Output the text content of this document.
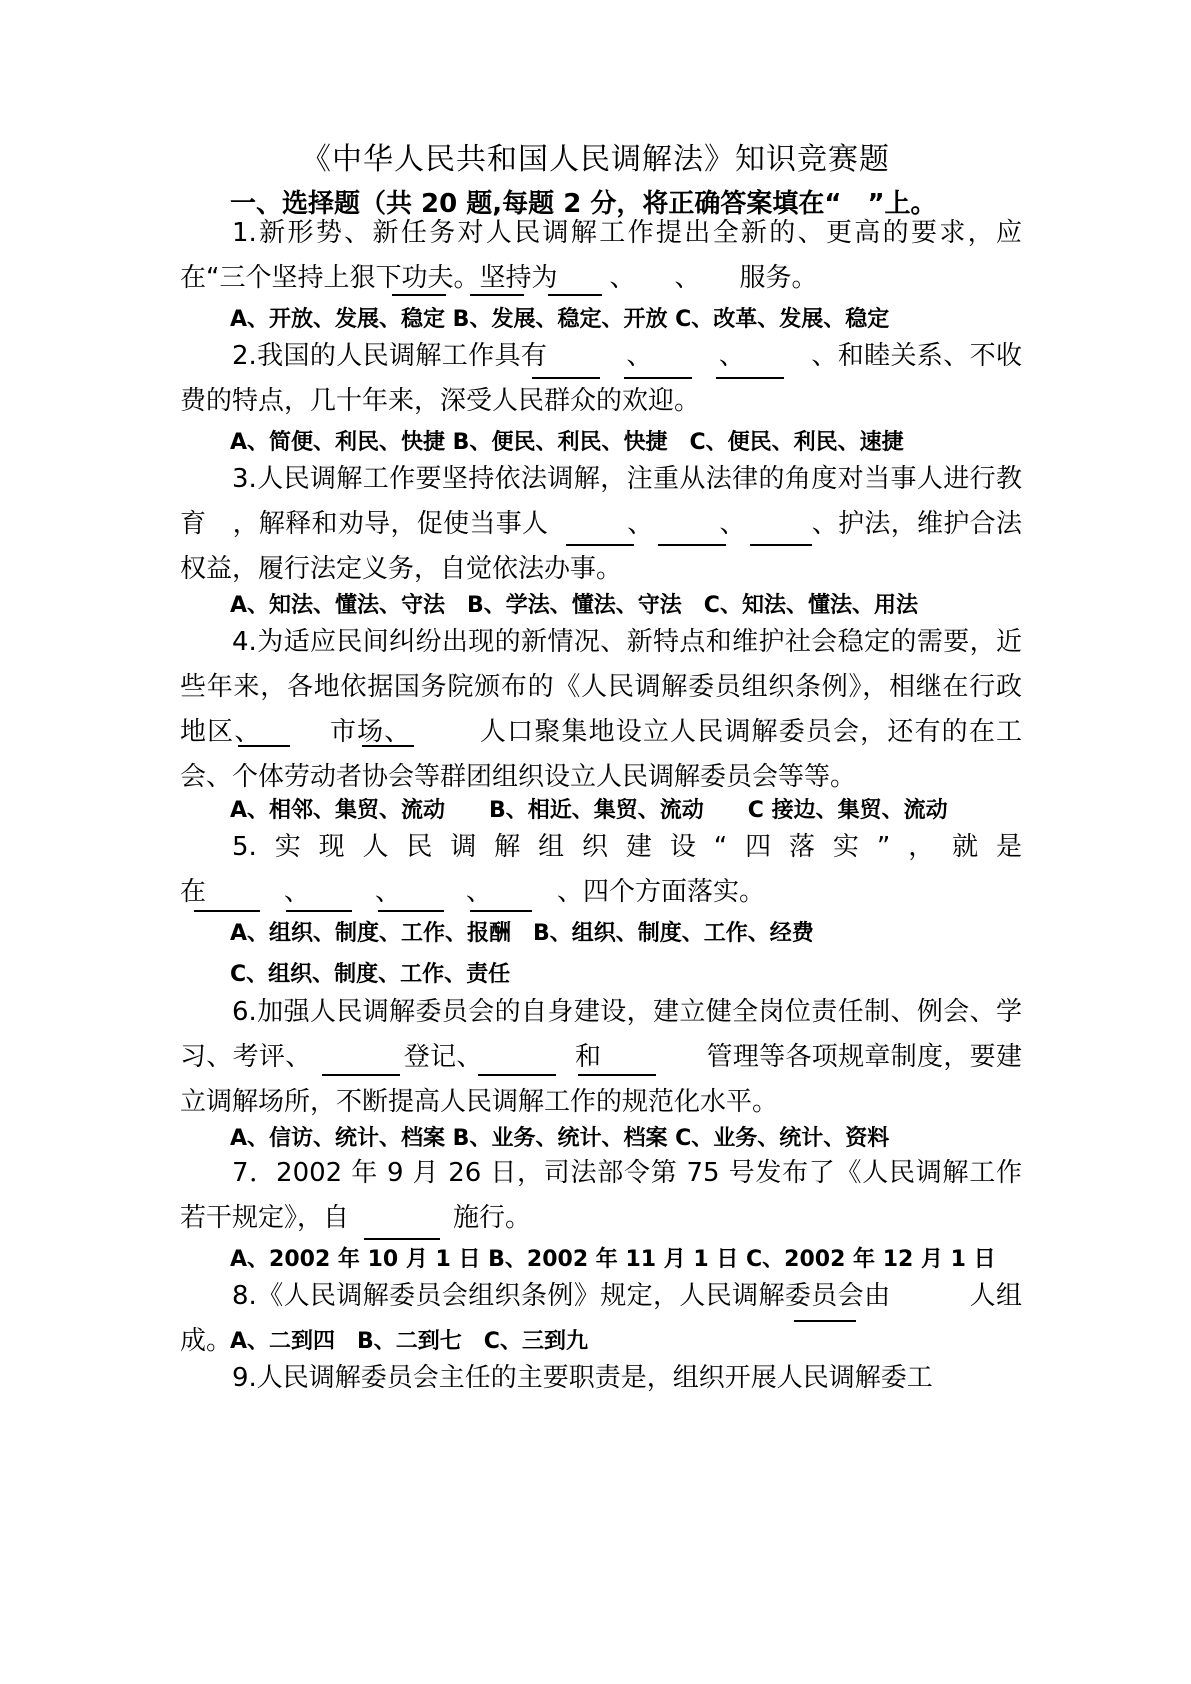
《中华人民共和国人民调解法》知识竞赛题
一、选择题（共 20 题,每题 2 分，将正确答案填在“　”上。
1.新形势、新任务对人民调解工作提出全新的、更高的要求，应在“三个坚持上狠下功夫。坚持为　　、　　、　　服务。
A、开放、发展、稳定 B、发展、稳定、开放 C、改革、发展、稳定
2.我国的人民调解工作具有　　　、　　　、　　　、和睦关系、不收费的特点，几十年来，深受人民群众的欢迎。
A、简便、利民、快捷 B、便民、利民、快捷　C、便民、利民、速捷
3.人民调解工作要坚持依法调解，注重从法律的角度对当事人进行教育　，解释和劝导，促使当事人　　　、　　　、　　　、护法，维护合法权益，履行法定义务，自觉依法办事。
A、知法、懂法、守法　B、学法、懂法、守法　C、知法、懂法、用法
4.为适应民间纠纷出现的新情况、新特点和维护社会稳定的需要，近些年来，各地依据国务院颁布的《人民调解委员组织条例》，相继在行政地区、　　　市场、　　　人口聚集地设立人民调解委员会，还有的在工会、个体劳动者协会等群团组织设立人民调解委员会等等。
A、相邻、集贸、流动　　B、相近、集贸、流动　　C 接边、集贸、流动
5.实现人民调解组织建设“四落实”，就是在　　　、　　　、　　　、　　　、四个方面落实。
A、组织、制度、工作、报酬　B、组织、制度、工作、经费
C、组织、制度、工作、责任
6.加强人民调解委员会的自身建设，建立健全岗位责任制、例会、学习、考评、　　　　登记、　　　　和　　　　管理等各项规章制度，要建立调解场所，不断提高人民调解工作的规范化水平。
A、信访、统计、档案 B、业务、统计、档案 C、业务、统计、资料
7．2002 年 9 月 26 日，司法部令第 75 号发布了《人民调解工作若干规定》，自　　　　施行。
A、2002 年 10 月 1 日 B、2002 年 11 月 1 日 C、2002 年 12 月 1 日
8.《人民调解委员会组织条例》规定，人民调解委员会由　　　人组成。
A、二到四　B、二到七　C、三到九
9.人民调解委员会主任的主要职责是，组织开展人民调解委工
